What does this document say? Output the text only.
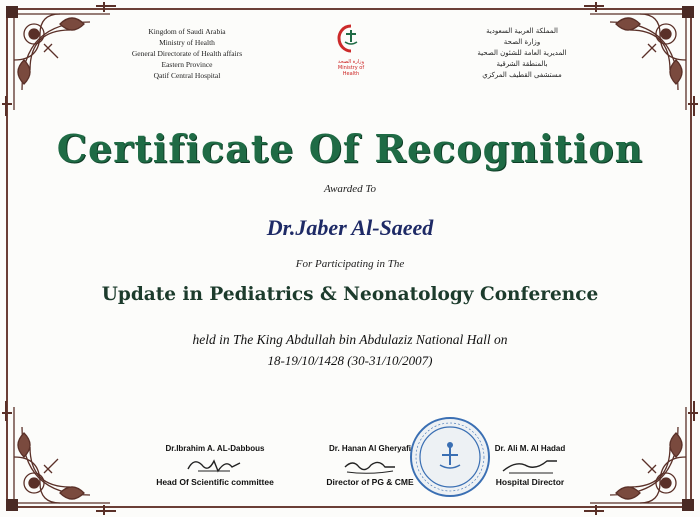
Kingdom of Saudi Arabia
Ministry of Health
General Directorate of Health affairs
Eastern Province
Qatif Central Hospital
وزارة الصحة
Ministry of Health
المملكة العربية السعودية
وزارة الصحة
المديرية العامة للشئون الصحية
بالمنطقة الشرقية
مستشفى القطيف المركزي
Certificate Of Recognition
Awarded To
Dr.Jaber Al-Saeed
For Participating in The
Update in Pediatrics & Neonatology Conference
held in The King Abdullah bin Abdulaziz National Hall on
18-19/10/1428 (30-31/10/2007)
Dr.Ibrahim A. AL-Dabbous
Head Of Scientific committee
Dr. Hanan Al Gheryafi
Director of PG & CME
Dr. Ali M. Al Hadad
Hospital Director
